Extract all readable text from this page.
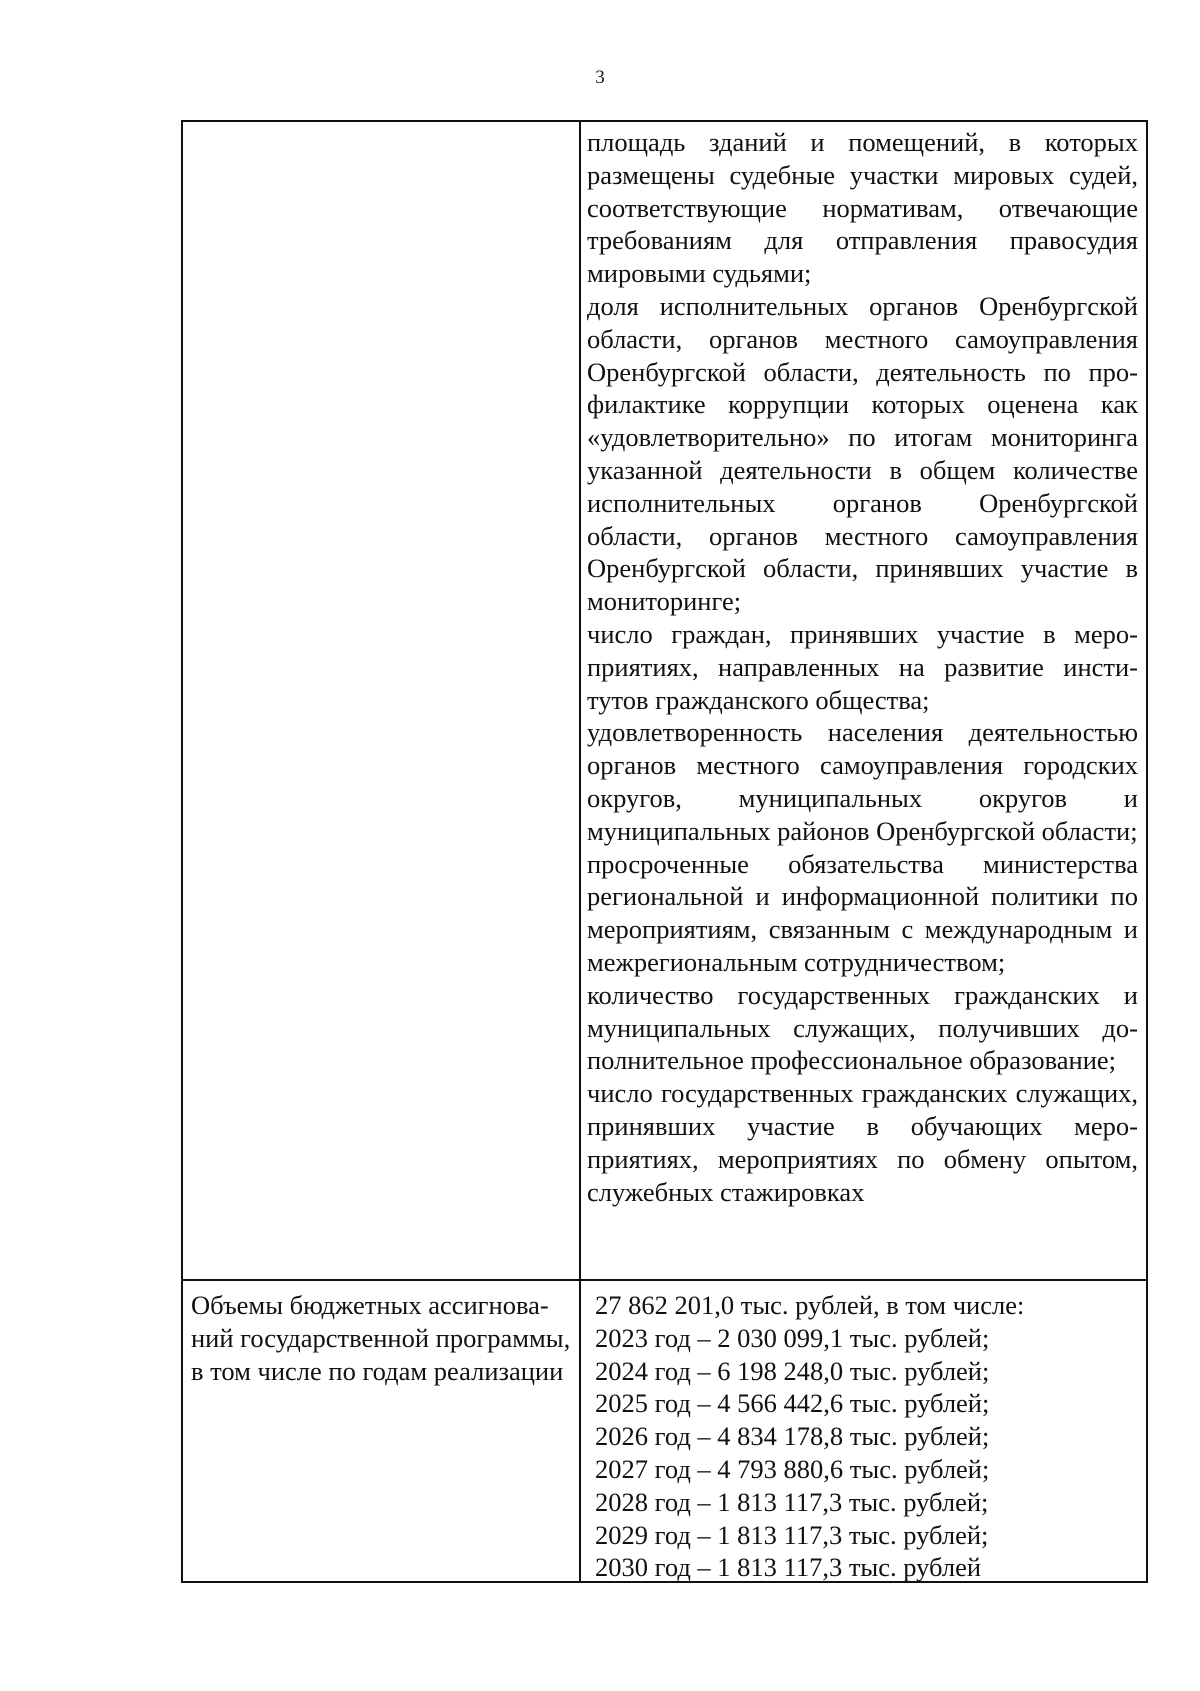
3

площадь зданий и помещений, в которых размещены судебные участки мировых судей, соответствующие нормативам, отвечающие требованиям для отправления правосудия мировыми судьями;

доля исполнительных органов Оренбургской области, органов местного самоуправления Оренбургской области, деятельность по профилактике коррупции которых оценена как «удовлетворительно» по итогам мониторинга указанной деятельности в общем количестве исполнительных органов Оренбургской области, органов местного самоуправления Оренбургской области, принявших участие в мониторинге;

число граждан, принявших участие в мероприятиях, направленных на развитие институтов гражданского общества;

удовлетворенность населения деятельностью органов местного самоуправления городских округов, муниципальных округов и муниципальных районов Оренбургской области;

просроченные обязательства министерства региональной и информационной политики по мероприятиям, связанным с международным и межрегиональным сотрудничеством;

количество государственных гражданских и муниципальных служащих, получивших дополнительное профессиональное образование;

число государственных гражданских служащих, принявших участие в обучающих мероприятиях, мероприятиях по обмену опытом, служебных стажировках

Объемы бюджетных ассигнований государственной программы, в том числе по годам реализации

27 862 201,0 тыс. рублей, в том числе:

2023 год – 2 030 099,1 тыс. рублей;

2024 год – 6 198 248,0 тыс. рублей;

2025 год – 4 566 442,6 тыс. рублей;

2026 год – 4 834 178,8 тыс. рублей;

2027 год – 4 793 880,6 тыс. рублей;

2028 год – 1 813 117,3 тыс. рублей;

2029 год – 1 813 117,3 тыс. рублей;

2030 год – 1 813 117,3 тыс. рублей
